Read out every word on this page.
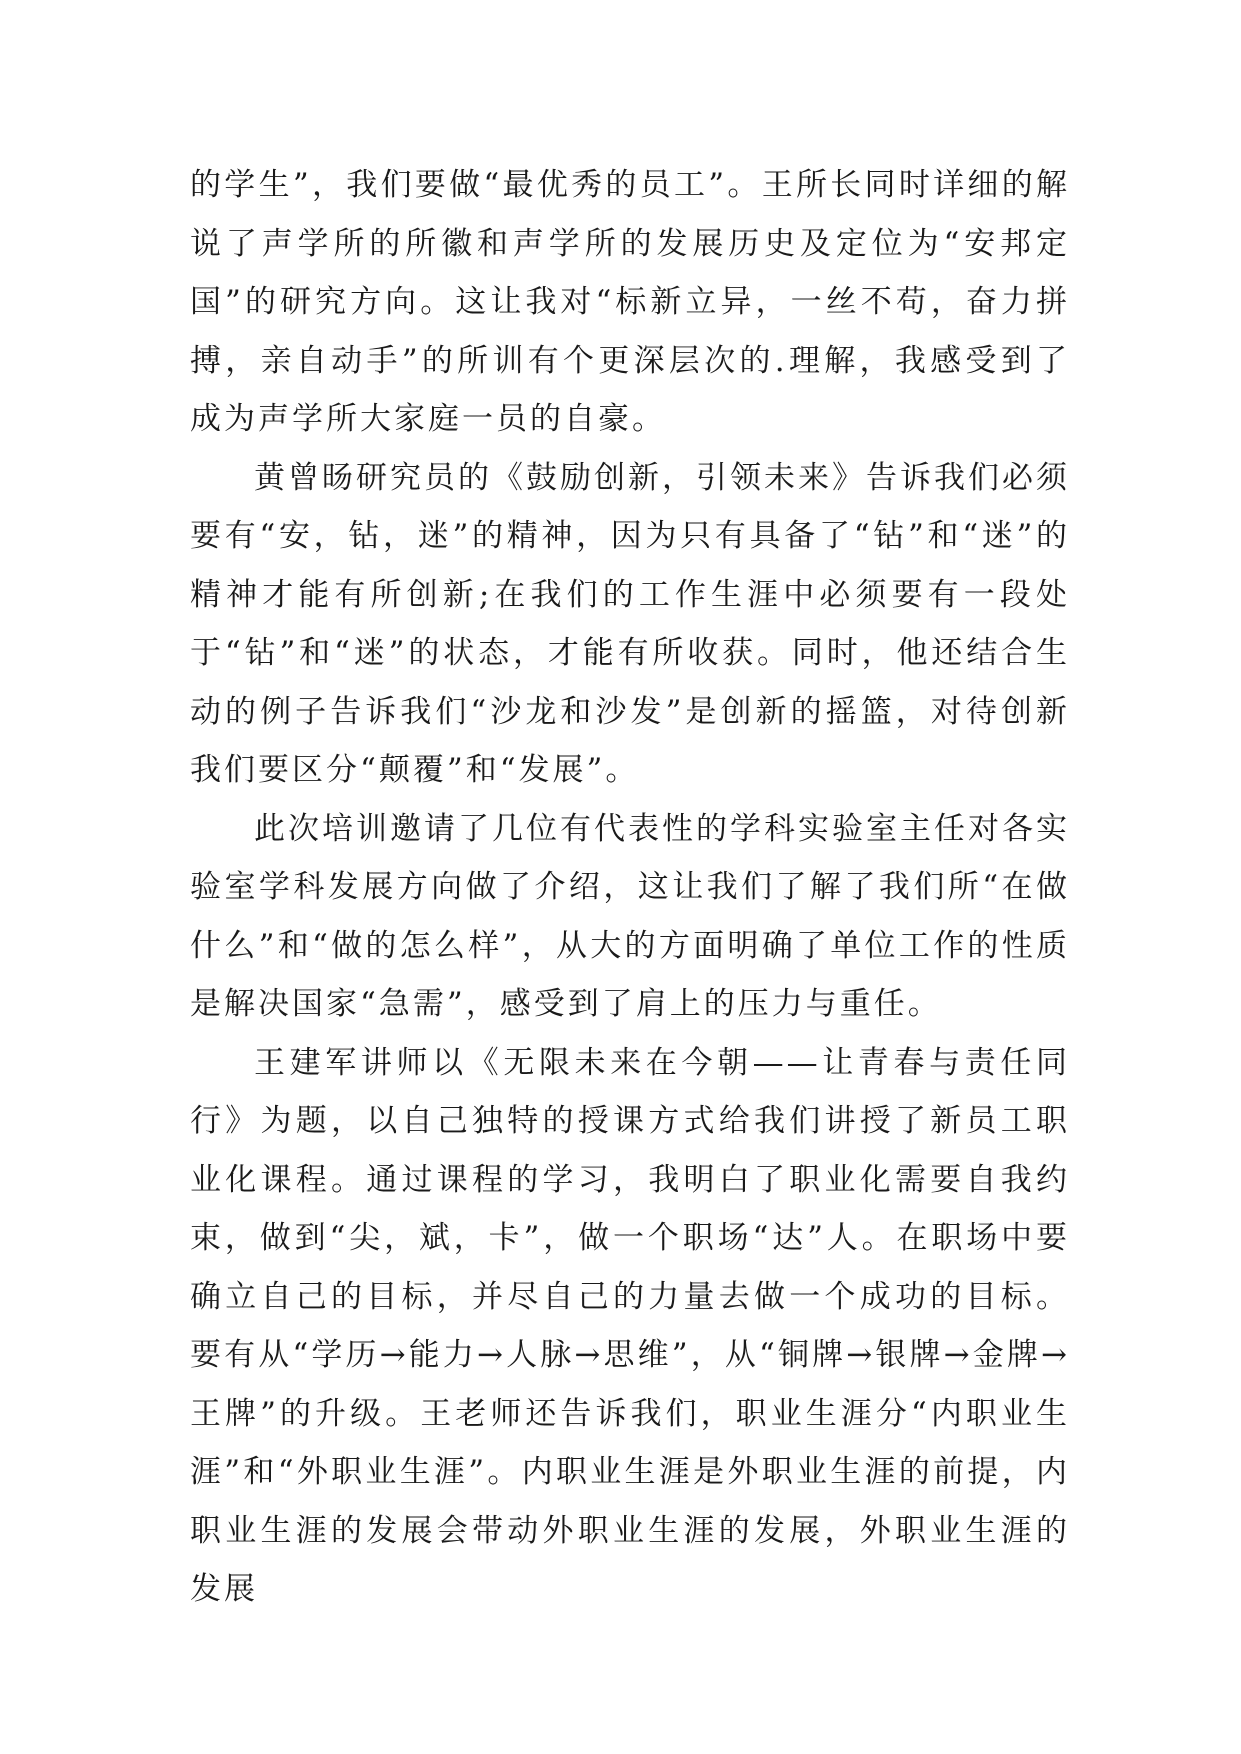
的学生”，我们要做“最优秀的员工”。王所长同时详细的解说了声学所的所徽和声学所的发展历史及定位为“安邦定国”的研究方向。这让我对“标新立异，一丝不苟，奋力拼搏，亲自动手”的所训有个更深层次的.理解，我感受到了成为声学所大家庭一员的自豪。

黄曾旸研究员的《鼓励创新，引领未来》告诉我们必须要有“安，钻，迷”的精神，因为只有具备了“钻”和“迷”的精神才能有所创新;在我们的工作生涯中必须要有一段处于“钻”和“迷”的状态，才能有所收获。同时，他还结合生动的例子告诉我们“沙龙和沙发”是创新的摇篮，对待创新我们要区分“颠覆”和“发展”。

此次培训邀请了几位有代表性的学科实验室主任对各实验室学科发展方向做了介绍，这让我们了解了我们所“在做什么”和“做的怎么样”，从大的方面明确了单位工作的性质是解决国家“急需”，感受到了肩上的压力与重任。

王建军讲师以《无限未来在今朝——让青春与责任同行》为题，以自己独特的授课方式给我们讲授了新员工职业化课程。通过课程的学习，我明白了职业化需要自我约束，做到“尖，斌，卡”，做一个职场“达”人。在职场中要确立自己的目标，并尽自己的力量去做一个成功的目标。要有从“学历→能力→人脉→思维”，从“铜牌→银牌→金牌→王牌”的升级。王老师还告诉我们，职业生涯分“内职业生涯”和“外职业生涯”。内职业生涯是外职业生涯的前提，内职业生涯的发展会带动外职业生涯的发展，外职业生涯的发展
